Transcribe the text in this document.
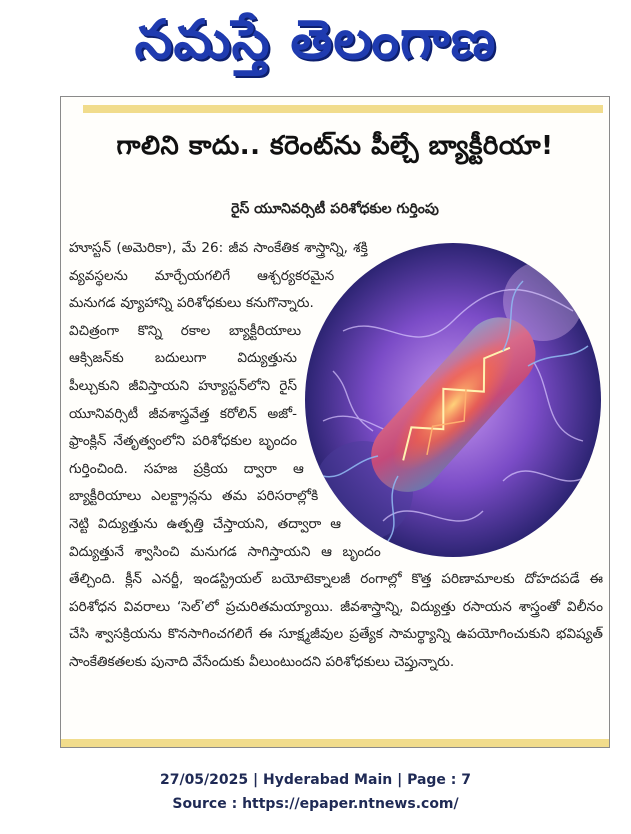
నమస్తే తెలంగాణ
గాలిని కాదు.. కరెంట్‌ను పీల్చే బ్యాక్టీరియా!
రైస్ యూనివర్సిటీ పరిశోధకుల గుర్తింపు
హూస్టన్ (అమెరికా), మే 26: జీవ సాంకేతిక శాస్త్రాన్ని, శక్తి వ్యవస్థలను మార్చేయగలిగే ఆశ్చర్యకరమైన మనుగడ వ్యూహాన్ని పరిశోధకులు కనుగొన్నారు. విచిత్రంగా కొన్ని రకాల బ్యాక్టీరియాలు ఆక్సిజన్‌కు బదులుగా విద్యుత్తును పీల్చుకుని జీవిస్తాయని హ్యూస్టన్‌లోని రైస్ యూనివర్సిటీ జీవశాస్త్రవేత్త కరోలిన్ అజో-ఫ్రాంక్లిన్ నేతృత్వంలోని పరిశోధకుల బృందం గుర్తించింది. సహజ ప్రక్రియ ద్వారా ఆ బ్యాక్టీరియాలు ఎలక్ట్రాన్లను తమ పరిసరాల్లోకి నెట్టి విద్యుత్తును ఉత్పత్తి చేస్తాయని, తద్వారా ఆ విద్యుత్తునే శ్వాసించి మనుగడ సాగిస్తాయని ఆ బృందం తేల్చింది. క్లీన్ ఎనర్జీ, ఇండస్ట్రియల్ బయోటెక్నాలజీ రంగాల్లో కొత్త పరిణామాలకు దోహదపడే ఈ పరిశోధన వివరాలు ‘సెల్’లో ప్రచురితమయ్యాయి. జీవశాస్త్రాన్ని, విద్యుత్తు రసాయన శాస్త్రంతో విలీనం చేసి శ్వాసక్రియను కొనసాగించగలిగే ఈ సూక్ష్మజీవుల ప్రత్యేక సామర్థ్యాన్ని ఉపయోగించుకుని భవిష్యత్ సాంకేతికతలకు పునాది వేసేందుకు వీలుంటుందని పరిశోధకులు చెప్తున్నారు.
27/05/2025 | Hyderabad Main | Page : 7
Source : https://epaper.ntnews.com/
